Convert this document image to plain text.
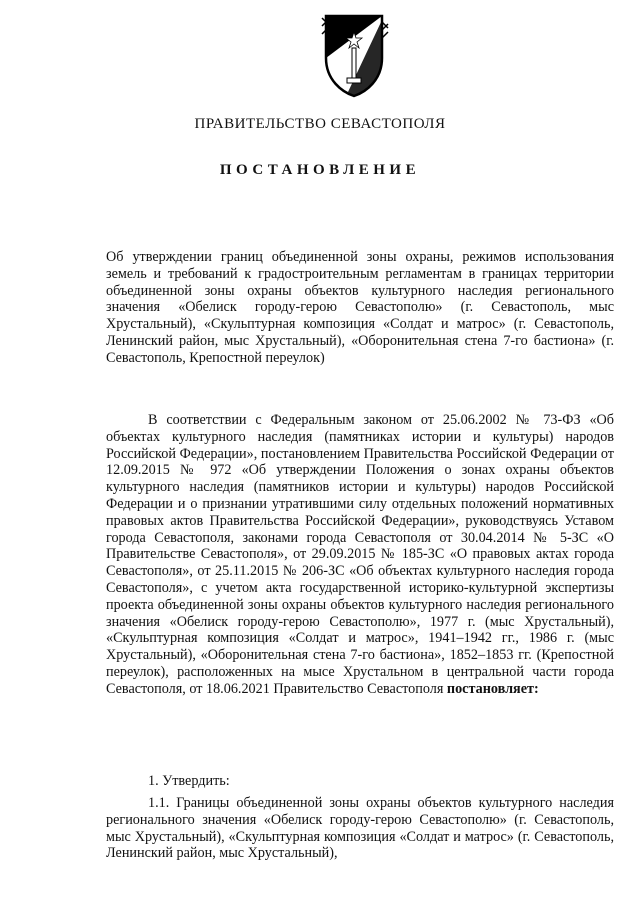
ПРАВИТЕЛЬСТВО СЕВАСТОПОЛЯ
ПОСТАНОВЛЕНИЕ
Об утверждении границ объединенной зоны охраны, режимов использования земель и требований к градостроительным регламентам в границах территории объединенной зоны охраны объектов культурного наследия регионального значения «Обелиск городу-герою Севастополю» (г. Севастополь, мыс Хрустальный), «Скульптурная композиция «Солдат и матрос» (г. Севастополь, Ленинский район, мыс Хрустальный), «Оборонительная стена 7-го бастиона» (г. Севастополь, Крепостной переулок)
В соответствии с Федеральным законом от 25.06.2002 № 73-ФЗ «Об объектах культурного наследия (памятниках истории и культуры) народов Российской Федерации», постановлением Правительства Российской Федерации от 12.09.2015 № 972 «Об утверждении Положения о зонах охраны объектов культурного наследия (памятников истории и культуры) народов Российской Федерации и о признании утратившими силу отдельных положений нормативных правовых актов Правительства Российской Федерации», руководствуясь Уставом города Севастополя, законами города Севастополя от 30.04.2014 № 5-ЗС «О Правительстве Севастополя», от 29.09.2015 № 185-ЗС «О правовых актах города Севастополя», от 25.11.2015 № 206-ЗС «Об объектах культурного наследия города Севастополя», с учетом акта государственной историко-культурной экспертизы проекта объединенной зоны охраны объектов культурного наследия регионального значения «Обелиск городу-герою Севастополю», 1977 г. (мыс Хрустальный), «Скульптурная композиция «Солдат и матрос», 1941–1942 гг., 1986 г. (мыс Хрустальный), «Оборонительная стена 7-го бастиона», 1852–1853 гг. (Крепостной переулок), расположенных на мысе Хрустальном в центральной части города Севастополя, от 18.06.2021 Правительство Севастополя постановляет:
1. Утвердить:
1.1. Границы объединенной зоны охраны объектов культурного наследия регионального значения «Обелиск городу-герою Севастополю» (г. Севастополь, мыс Хрустальный), «Скульптурная композиция «Солдат и матрос» (г. Севастополь, Ленинский район, мыс Хрустальный),
